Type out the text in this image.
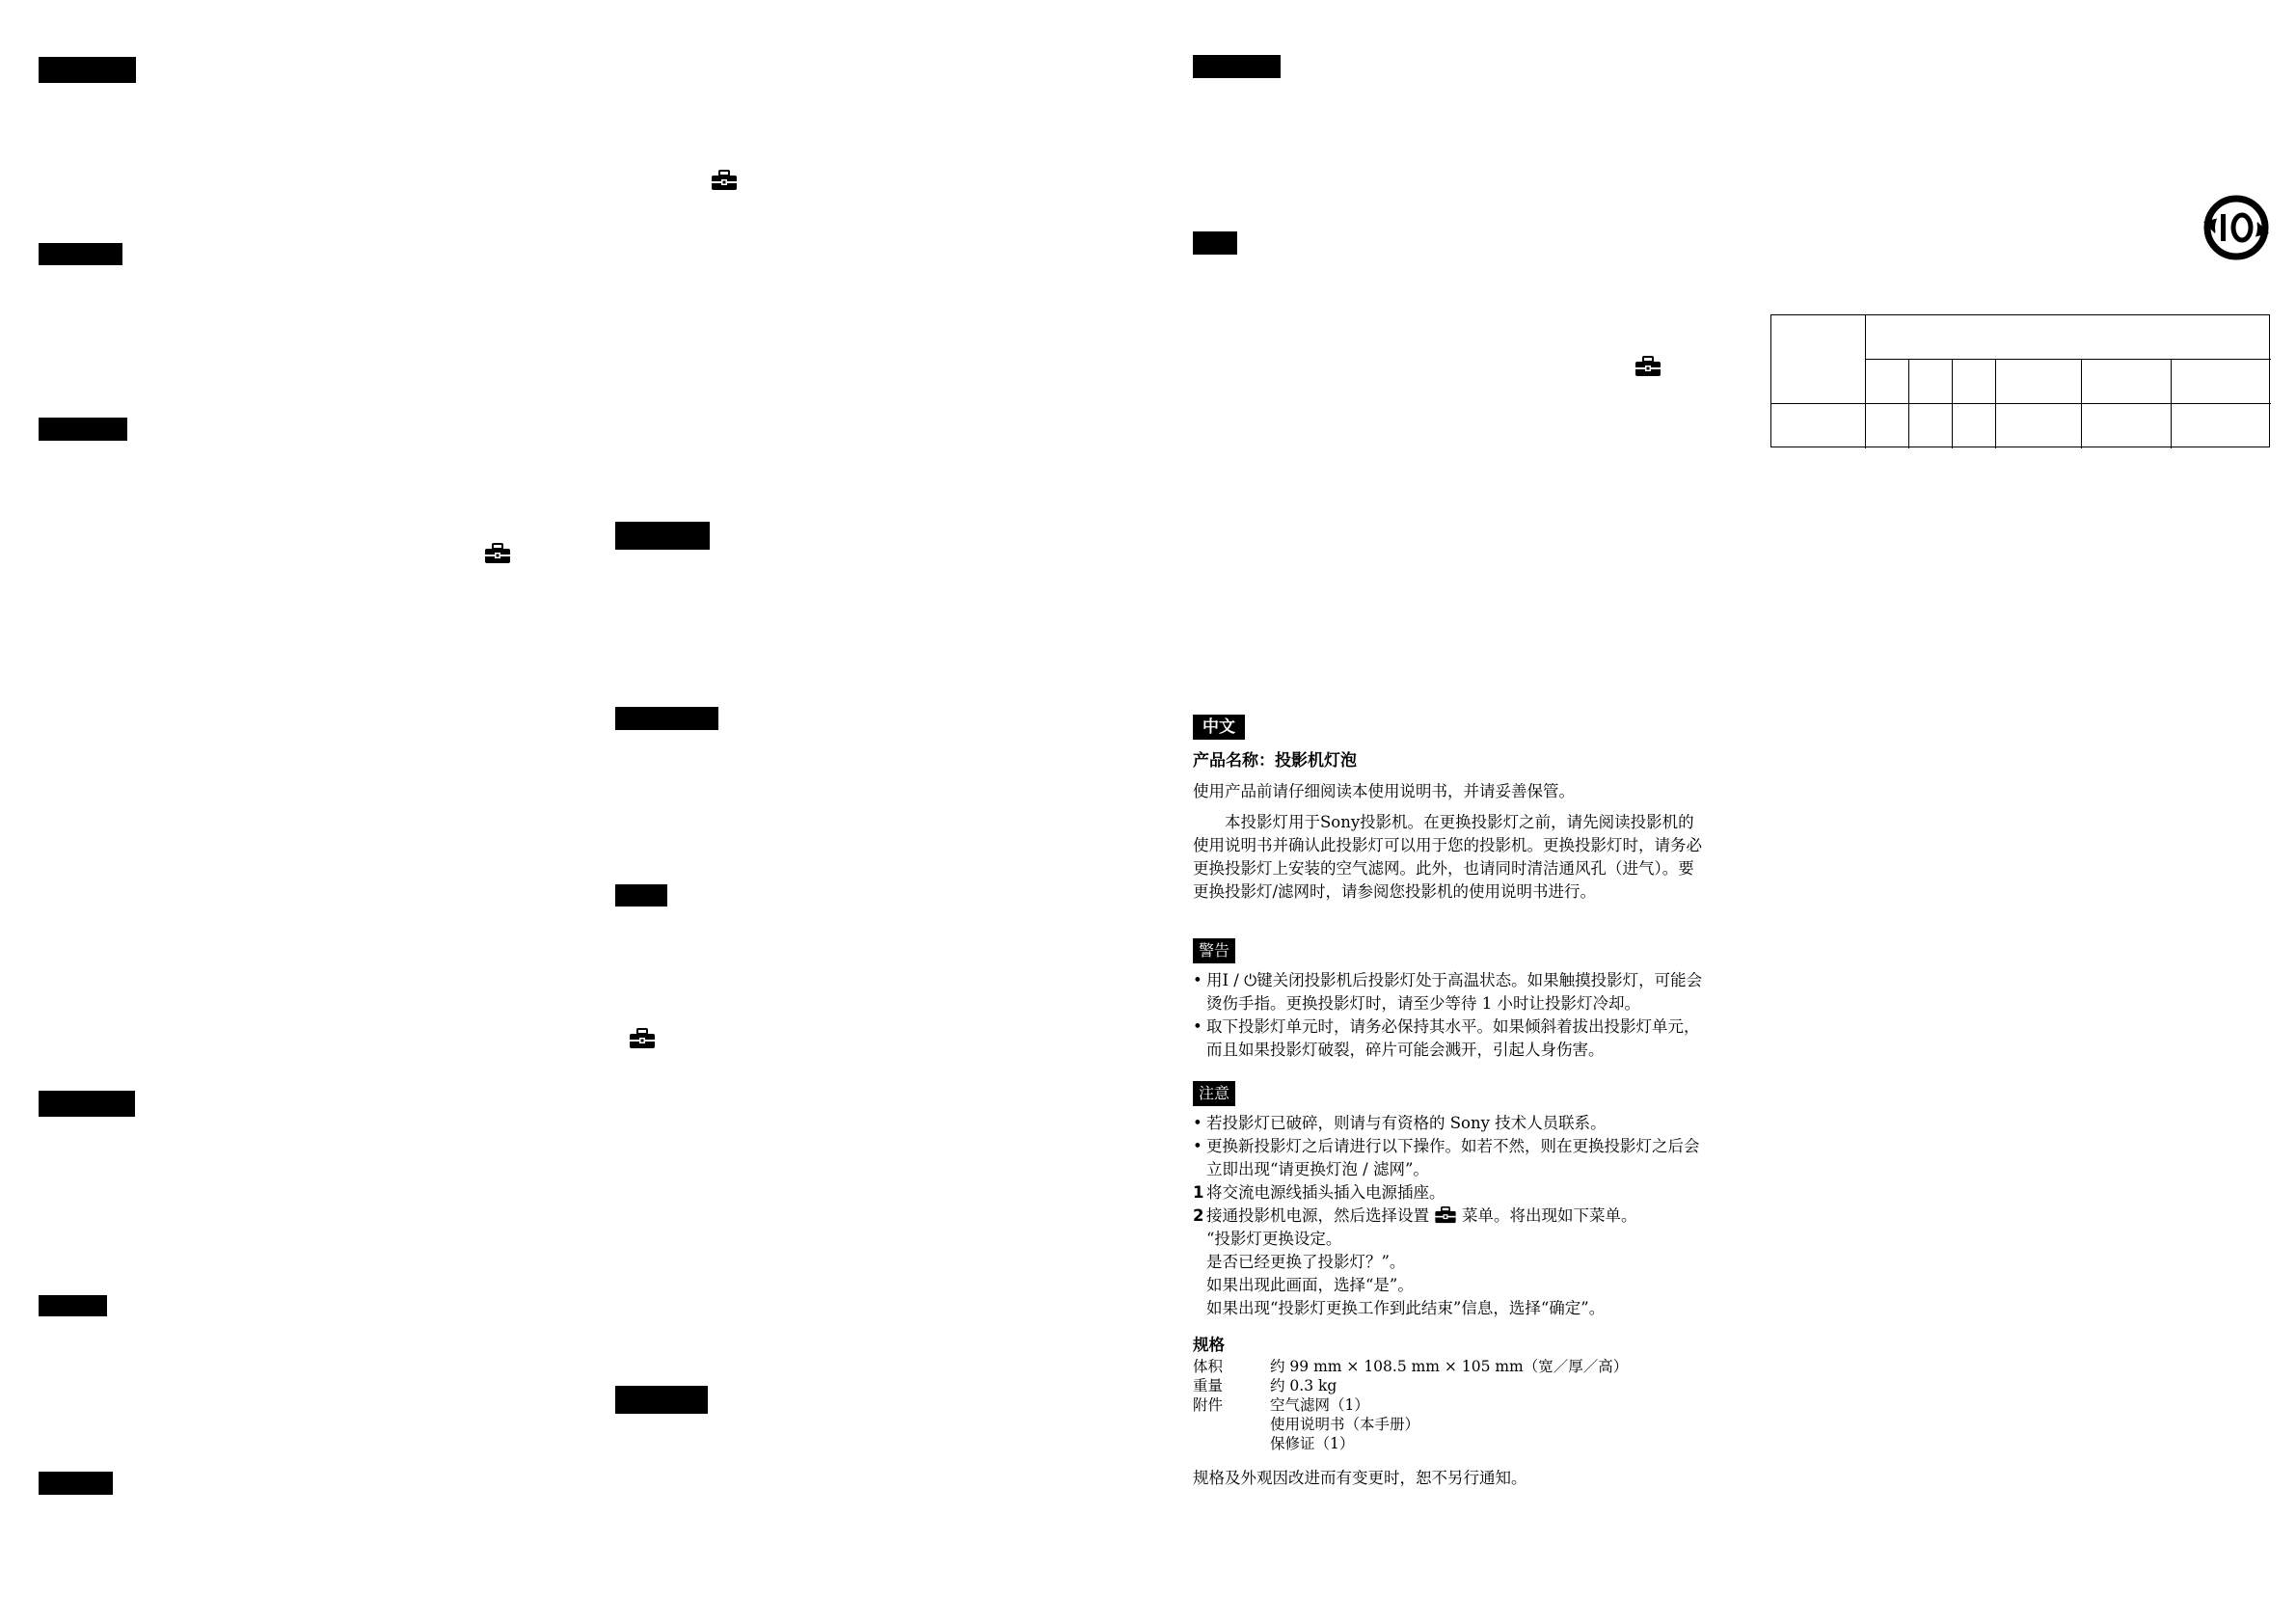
中文
产品名称：投影机灯泡

使用产品前请仔细阅读本使用说明书，并请妥善保管。

本投影灯用于Sony投影机。在更换投影灯之前，请先阅读投影机的使用说明书并确认此投影灯可以用于您的投影机。更换投影灯时，请务必更换投影灯上安装的空气滤网。此外，也请同时清洁通风孔（进气）。要更换投影灯/滤网时，请参阅您投影机的使用说明书进行。

警告
• 用I / ⏻键关闭投影机后投影灯处于高温状态。如果触摸投影灯，可能会烫伤手指。更换投影灯时，请至少等待 1 小时让投影灯冷却。
• 取下投影灯单元时，请务必保持其水平。如果倾斜着拔出投影灯单元，而且如果投影灯破裂，碎片可能会溅开，引起人身伤害。
注意
• 若投影灯已破碎，则请与有资格的 Sony 技术人员联系。
• 更换新投影灯之后请进行以下操作。如若不然，则在更换投影灯之后会立即出现“请更换灯泡 / 滤网”。
1 将交流电源线插头插入电源插座。
2 接通投影机电源，然后选择设置 菜单。将出现如下菜单。
“投影灯更换设定。
是否已经更换了投影灯？”。
如果出现此画面，选择“是”。
如果出现“投影灯更换工作到此结束”信息，选择“确定”。
规格
体积	约 99 mm × 108.5 mm × 105 mm（宽／厚／高）
重量	约 0.3 kg
附件	空气滤网（1）
使用说明书（本手册）
保修证（1）

规格及外观因改进而有变更时，恕不另行通知。
